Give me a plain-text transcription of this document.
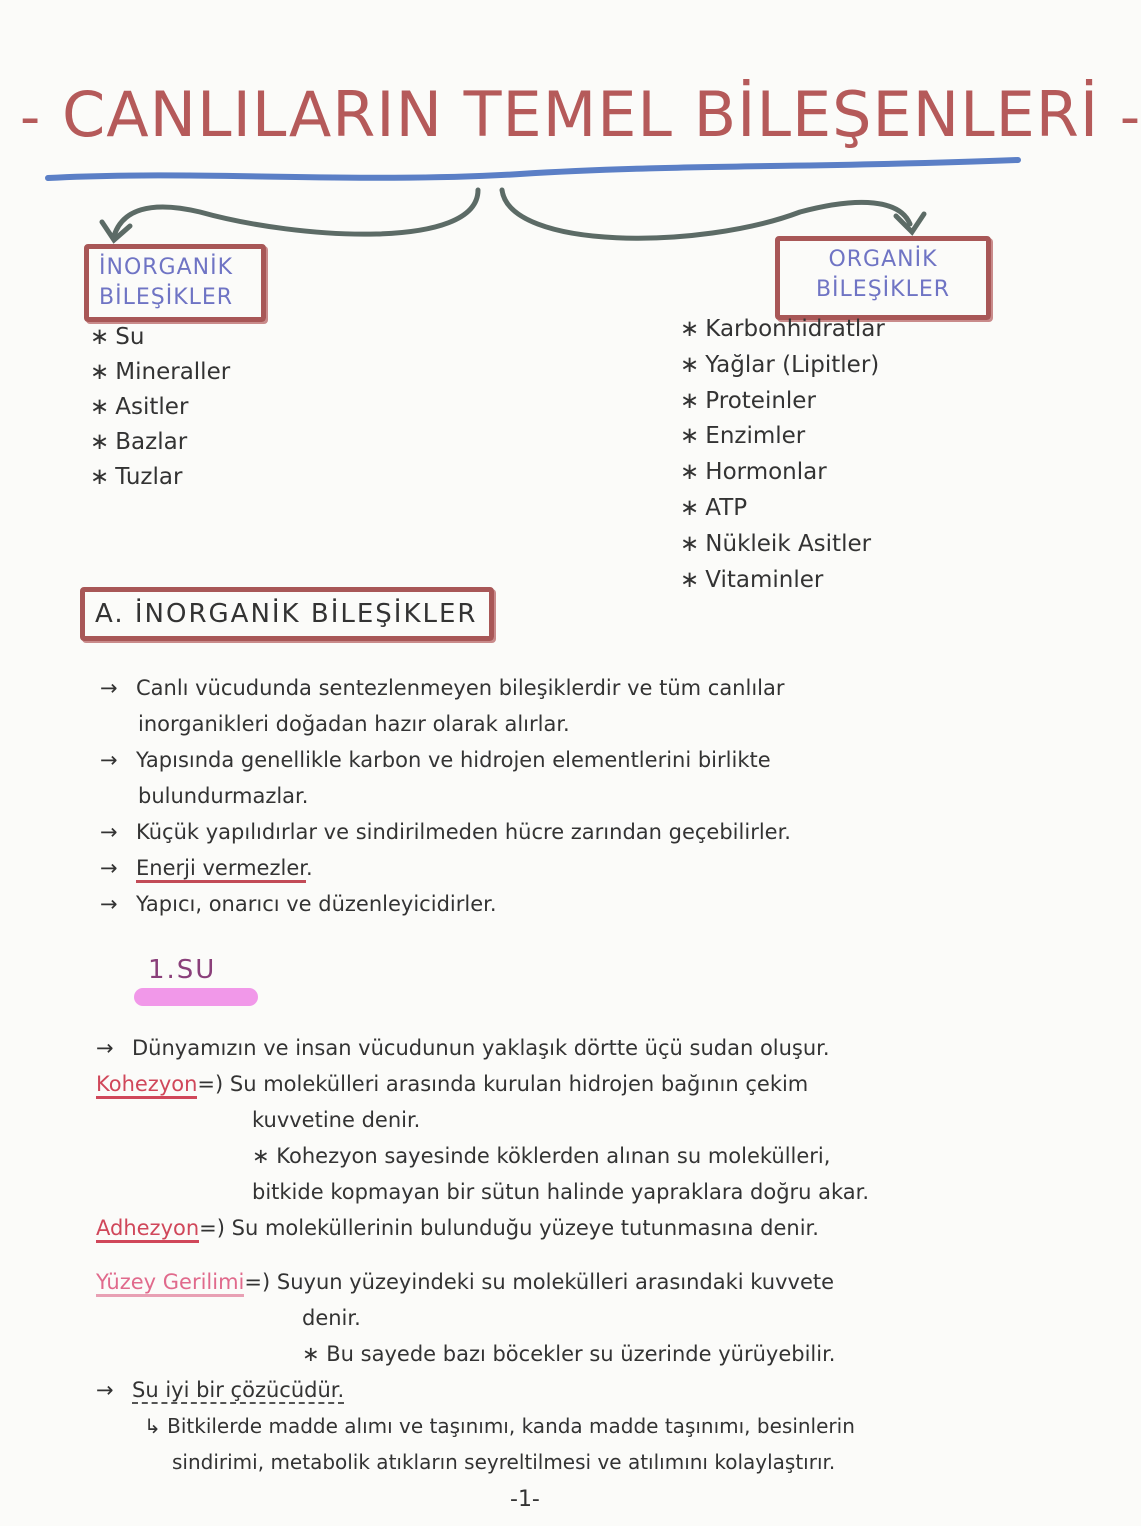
- CANLILARIN TEMEL BİLEŞENLERİ -
İNORGANİK
BİLEŞİKLER
ORGANİK
BİLEŞİKLER
∗ Su
∗ Mineraller
∗ Asitler
∗ Bazlar
∗ Tuzlar
∗ Karbonhidratlar
∗ Yağlar (Lipitler)
∗ Proteinler
∗ Enzimler
∗ Hormonlar
∗ ATP
∗ Nükleik Asitler
∗ Vitaminler
A. İNORGANİK BİLEŞİKLER
→ Canlı vücudunda sentezlenmeyen bileşiklerdir ve tüm canlılar
inorganikleri doğadan hazır olarak alırlar.
→ Yapısında genellikle karbon ve hidrojen elementlerini birlikte
bulundurmazlar.
→ Küçük yapılıdırlar ve sindirilmeden hücre zarından geçebilirler.
→ Enerji vermezler.
→ Yapıcı, onarıcı ve düzenleyicidirler.
1.SU
→ Dünyamızın ve insan vücudunun yaklaşık dörtte üçü sudan oluşur.
Kohezyon=) Su molekülleri arasında kurulan hidrojen bağının çekim
kuvvetine denir.
∗ Kohezyon sayesinde köklerden alınan su molekülleri,
bitkide kopmayan bir sütun halinde yapraklara doğru akar.
Adhezyon=) Su moleküllerinin bulunduğu yüzeye tutunmasına denir.
Yüzey Gerilimi=) Suyun yüzeyindeki su molekülleri arasındaki kuvvete
denir.
∗ Bu sayede bazı böcekler su üzerinde yürüyebilir.
→ Su iyi bir çözücüdür.
↳ Bitkilerde madde alımı ve taşınımı, kanda madde taşınımı, besinlerin
sindirimi, metabolik atıkların seyreltilmesi ve atılımını kolaylaştırır.
-1-
